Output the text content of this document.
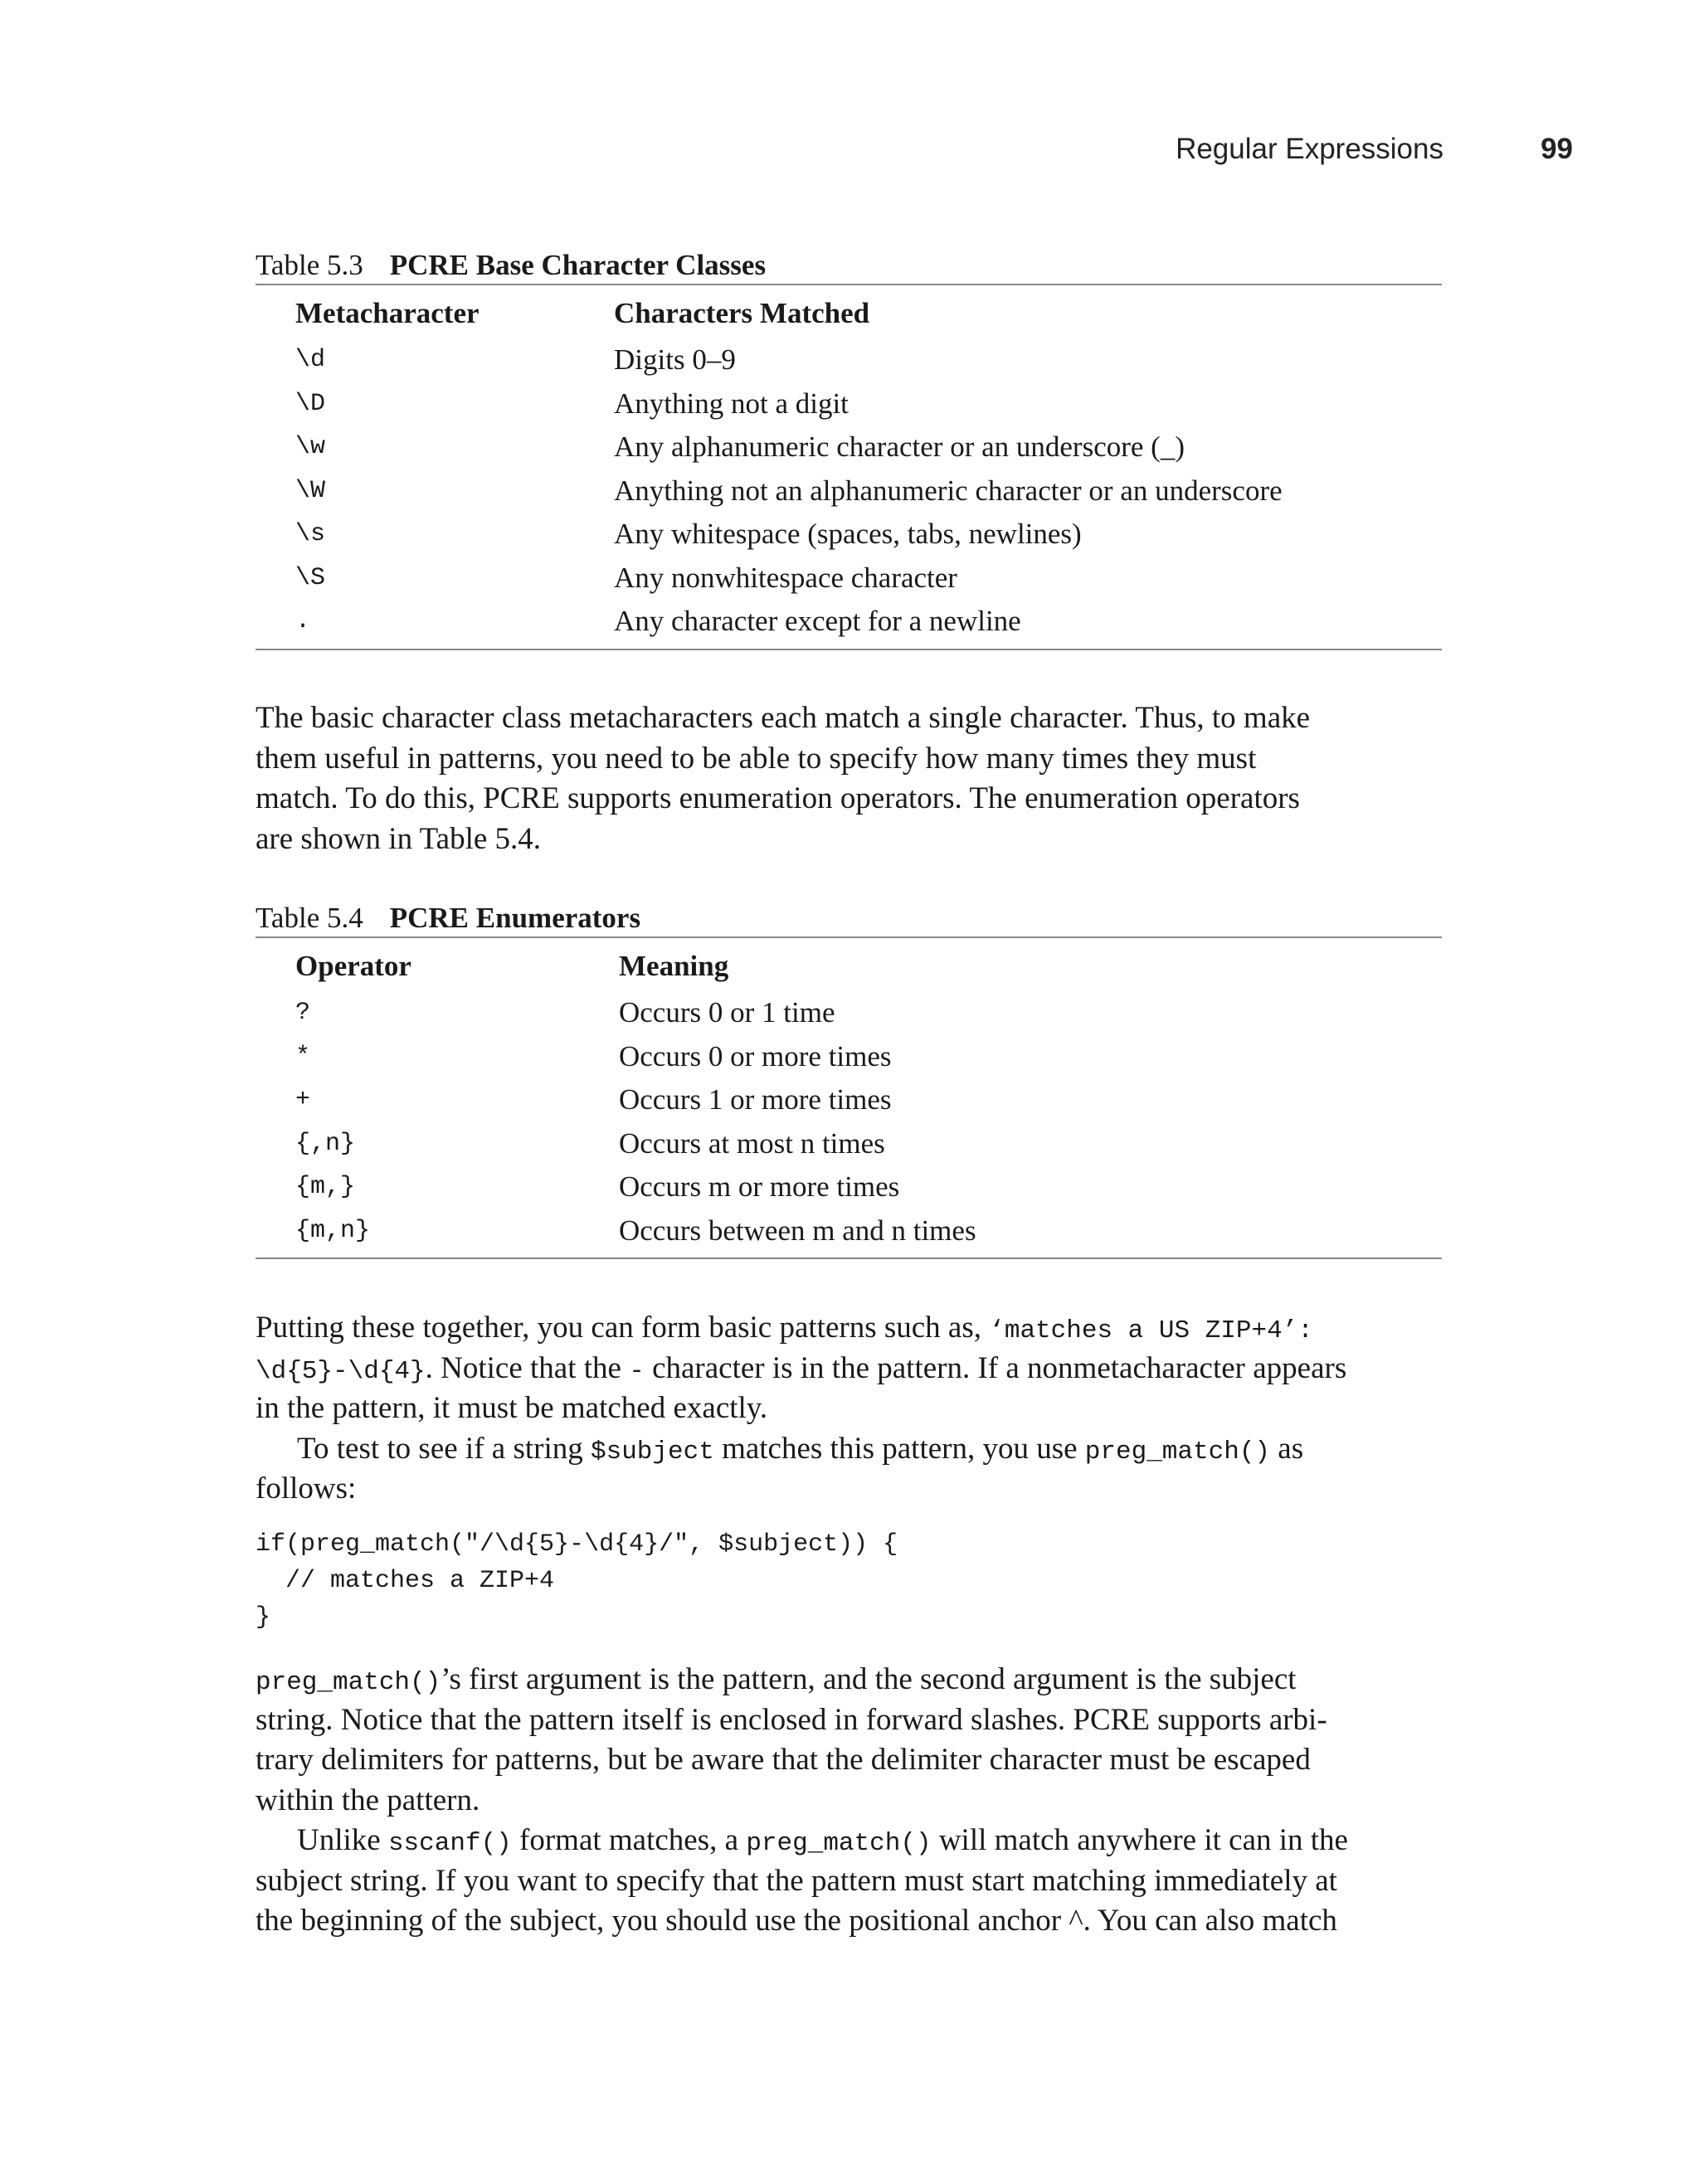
Regular Expressions	99
Table 5.3 PCRE Base Character Classes
Metacharacter	Characters Matched
\d	Digits 0–9
\D	Anything not a digit
\w	Any alphanumeric character or an underscore (_)
\W	Anything not an alphanumeric character or an underscore
\s	Any whitespace (spaces, tabs, newlines)
\S	Any nonwhitespace character
.	Any character except for a newline
The basic character class metacharacters each match a single character. Thus, to make
them useful in patterns, you need to be able to specify how many times they must
match. To do this, PCRE supports enumeration operators. The enumeration operators
are shown in Table 5.4.
Table 5.4 PCRE Enumerators
Operator	Meaning
?	Occurs 0 or 1 time
*	Occurs 0 or more times
+	Occurs 1 or more times
{,n}	Occurs at most n times
{m,}	Occurs m or more times
{m,n}	Occurs between m and n times
Putting these together, you can form basic patterns such as, ‘matches a US ZIP+4’:
\d{5}-\d{4}. Notice that the - character is in the pattern. If a nonmetacharacter appears
in the pattern, it must be matched exactly.
To test to see if a string $subject matches this pattern, you use preg_match() as
follows:
if(preg_match("/\d{5}-\d{4}/", $subject)) {
// matches a ZIP+4
}
preg_match()’s first argument is the pattern, and the second argument is the subject
string. Notice that the pattern itself is enclosed in forward slashes. PCRE supports arbi-
trary delimiters for patterns, but be aware that the delimiter character must be escaped
within the pattern.
Unlike sscanf() format matches, a preg_match() will match anywhere it can in the
subject string. If you want to specify that the pattern must start matching immediately at
the beginning of the subject, you should use the positional anchor ^. You can also match
